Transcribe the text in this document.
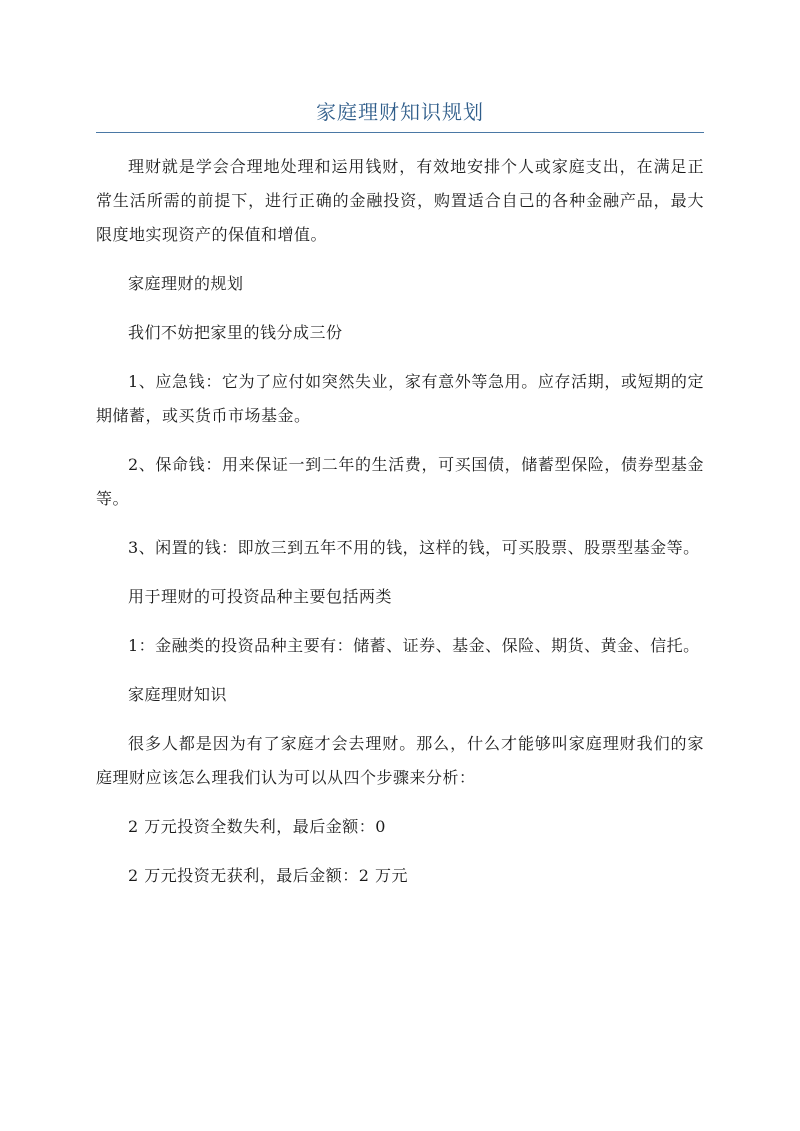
家庭理财知识规划

理财就是学会合理地处理和运用钱财，有效地安排个人或家庭支出，在满足正常生活所需的前提下，进行正确的金融投资，购置适合自己的各种金融产品，最大限度地实现资产的保值和增值。

家庭理财的规划

我们不妨把家里的钱分成三份

1、应急钱：它为了应付如突然失业，家有意外等急用。应存活期，或短期的定期储蓄，或买货币市场基金。

2、保命钱：用来保证一到二年的生活费，可买国债，储蓄型保险，债券型基金等。

3、闲置的钱：即放三到五年不用的钱，这样的钱，可买股票、股票型基金等。

用于理财的可投资品种主要包括两类

1：金融类的投资品种主要有：储蓄、证券、基金、保险、期货、黄金、信托。

家庭理财知识

很多人都是因为有了家庭才会去理财。那么，什么才能够叫家庭理财我们的家庭理财应该怎么理我们认为可以从四个步骤来分析：

2 万元投资全数失利，最后金额：0

2 万元投资无获利，最后金额：2 万元
